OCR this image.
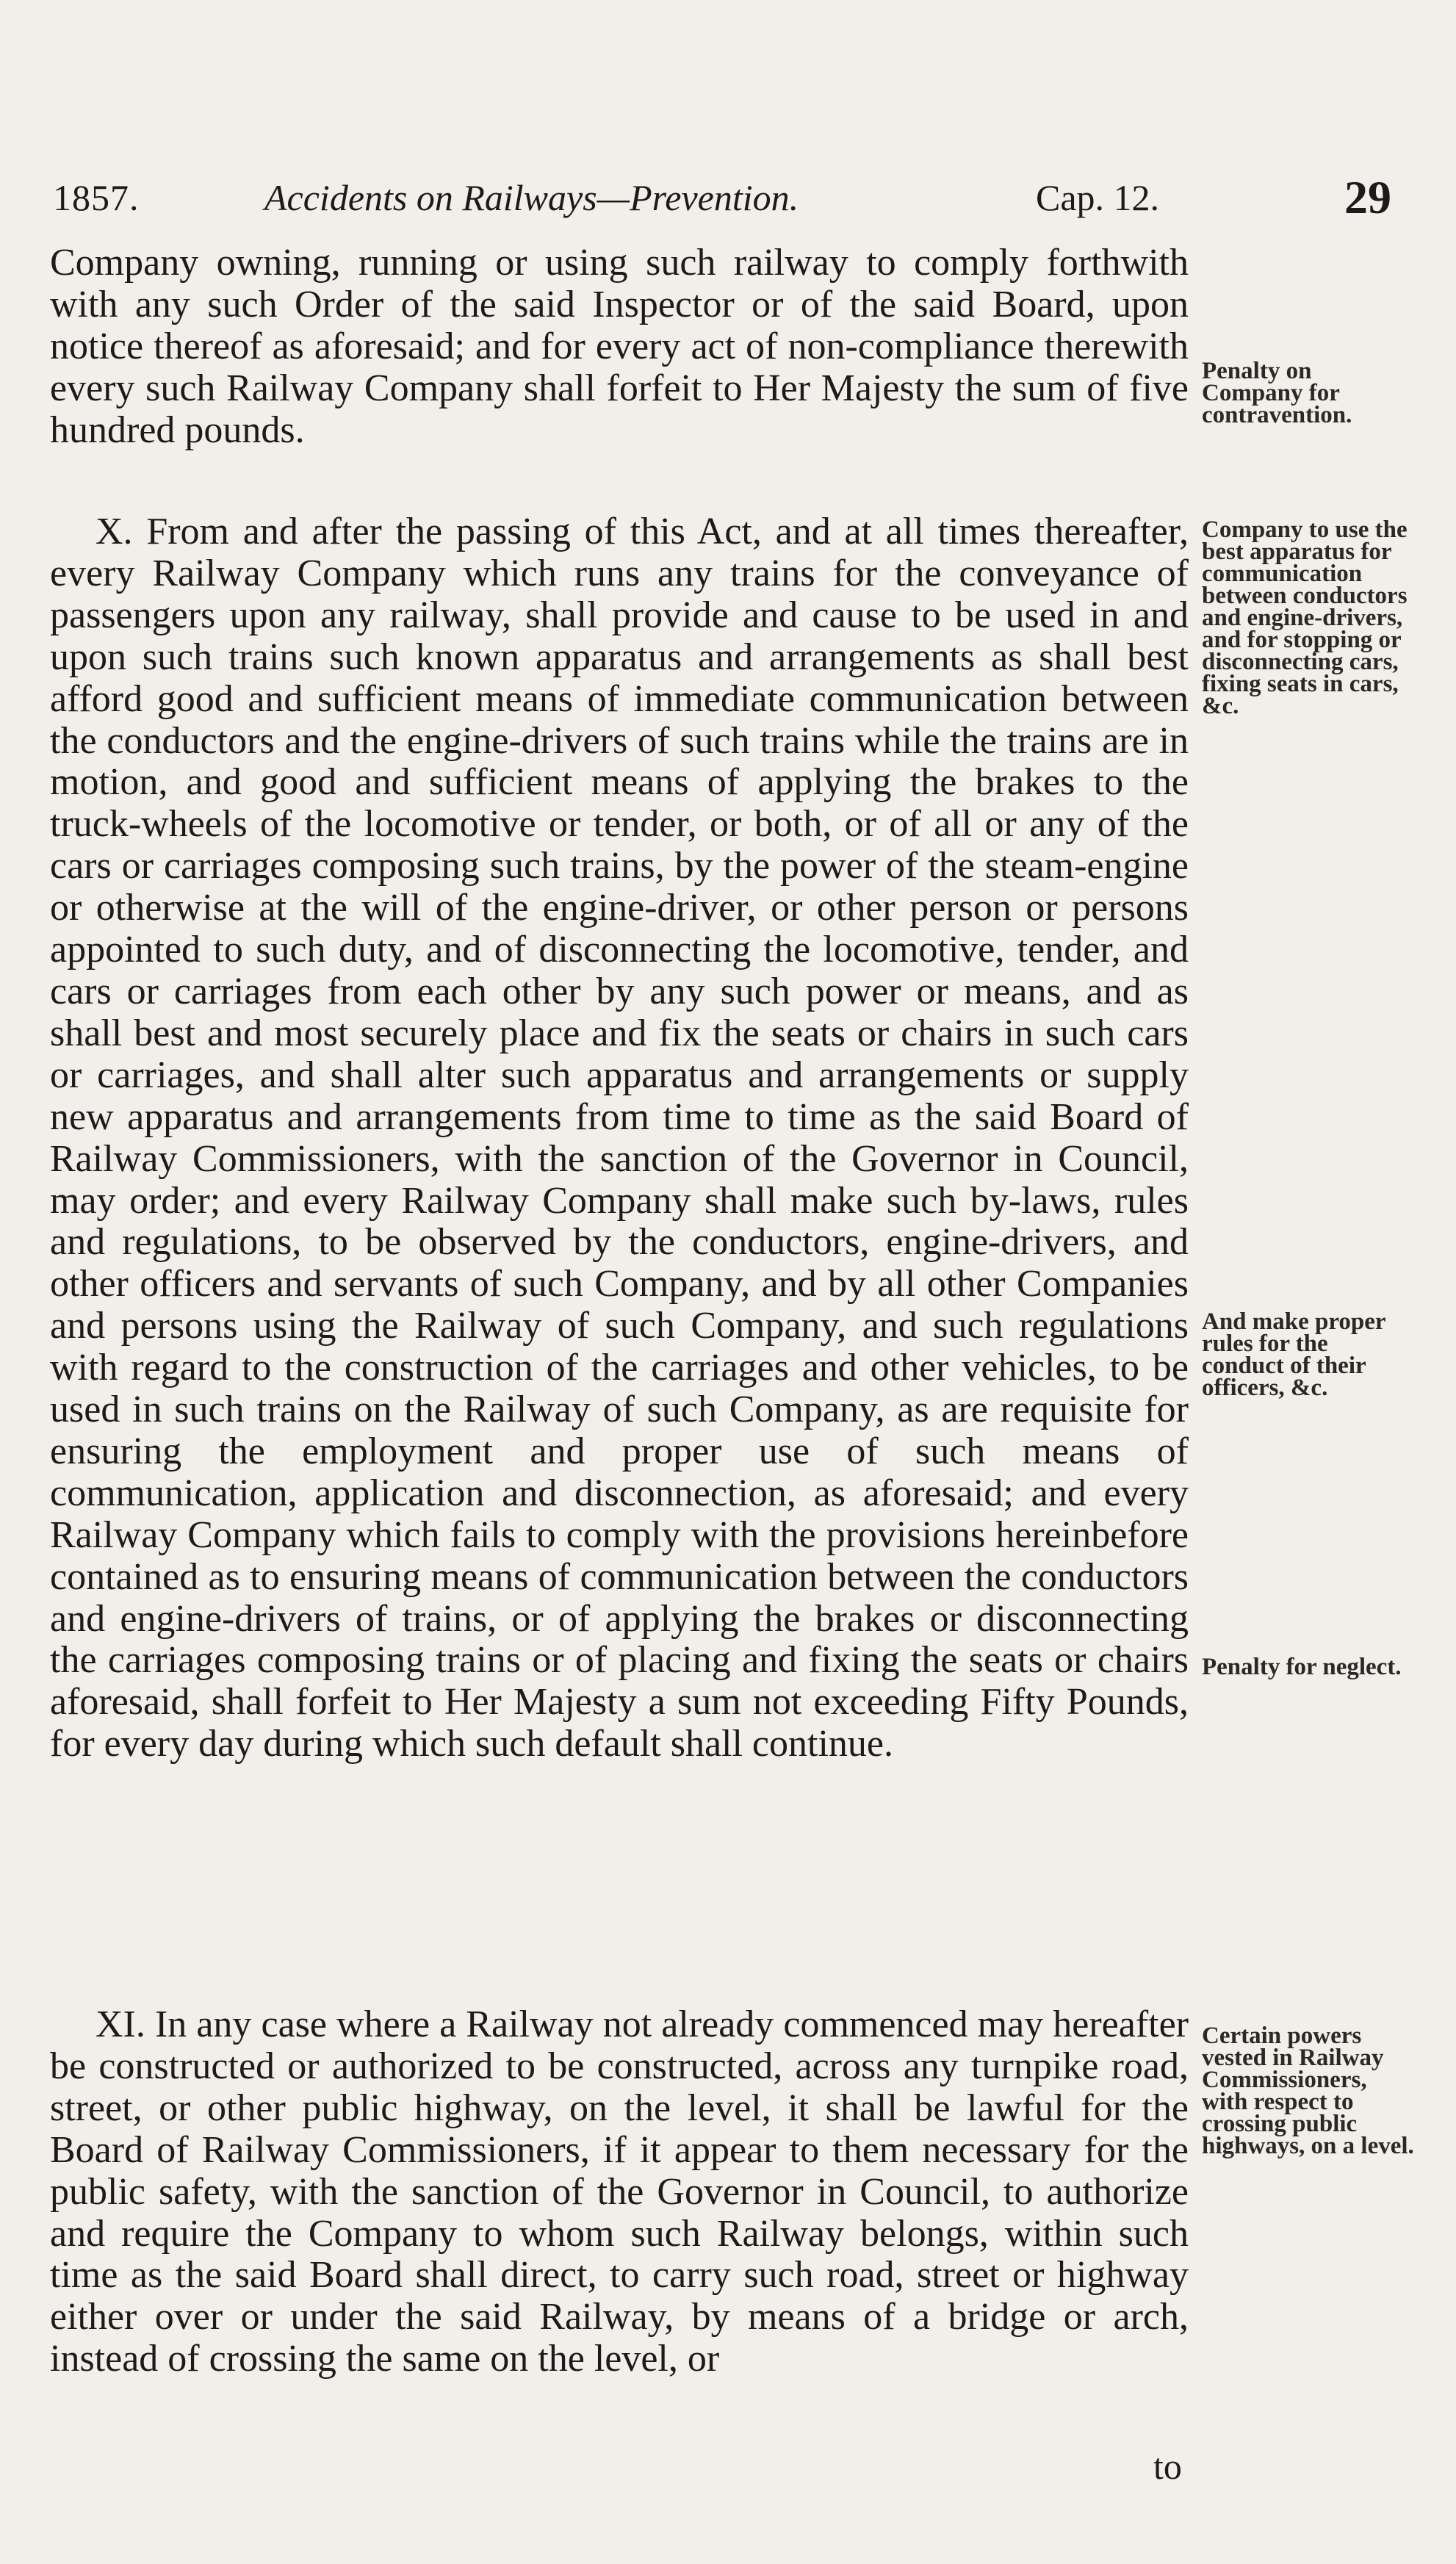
1857.	Accidents on Railways—Prevention.	Cap. 12.	29

Company owning, running or using such railway to comply forthwith with any such Order of the said Inspector or of the said Board, upon notice thereof as aforesaid; and for every act of non-compliance therewith every such Railway Company shall forfeit to Her Majesty the sum of five hundred pounds.

X. From and after the passing of this Act, and at all times thereafter, every Railway Company which runs any trains for the conveyance of passengers upon any railway, shall provide and cause to be used in and upon such trains such known apparatus and arrangements as shall best afford good and sufficient means of immediate communication between the conductors and the engine-drivers of such trains while the trains are in motion, and good and sufficient means of applying the brakes to the truck-wheels of the locomotive or tender, or both, or of all or any of the cars or carriages composing such trains, by the power of the steam-engine or otherwise at the will of the engine-driver, or other person or persons appointed to such duty, and of disconnecting the locomotive, tender, and cars or carriages from each other by any such power or means, and as shall best and most securely place and fix the seats or chairs in such cars or carriages, and shall alter such apparatus and arrangements or supply new apparatus and arrangements from time to time as the said Board of Railway Commissioners, with the sanction of the Governor in Council, may order; and every Railway Company shall make such by-laws, rules and regulations, to be observed by the conductors, engine-drivers, and other officers and servants of such Company, and by all other Companies and persons using the Railway of such Company, and such regulations with regard to the construction of the carriages and other vehicles, to be used in such trains on the Railway of such Company, as are requisite for ensuring the employment and proper use of such means of communication, application and disconnection, as aforesaid; and every Railway Company which fails to comply with the provisions hereinbefore contained as to ensuring means of communication between the conductors and engine-drivers of trains, or of applying the brakes or disconnecting the carriages composing trains or of placing and fixing the seats or chairs aforesaid, shall forfeit to Her Majesty a sum not exceeding Fifty Pounds, for every day during which such default shall continue.

XI. In any case where a Railway not already commenced may hereafter be constructed or authorized to be constructed, across any turnpike road, street, or other public highway, on the level, it shall be lawful for the Board of Railway Commissioners, if it appear to them necessary for the public safety, with the sanction of the Governor in Council, to authorize and require the Company to whom such Railway belongs, within such time as the said Board shall direct, to carry such road, street or highway either over or under the said Railway, by means of a bridge or arch, instead of crossing the same on the level, or

Penalty on Company for contravention.
Company to use the best apparatus for communication between conductors and engine-drivers, and for stopping or disconnecting cars, fixing seats in cars, &c.
And make proper rules for the conduct of their officers, &c.
Penalty for neglect.
Certain powers vested in Railway Commissioners, with respect to crossing public highways, on a level.
to
